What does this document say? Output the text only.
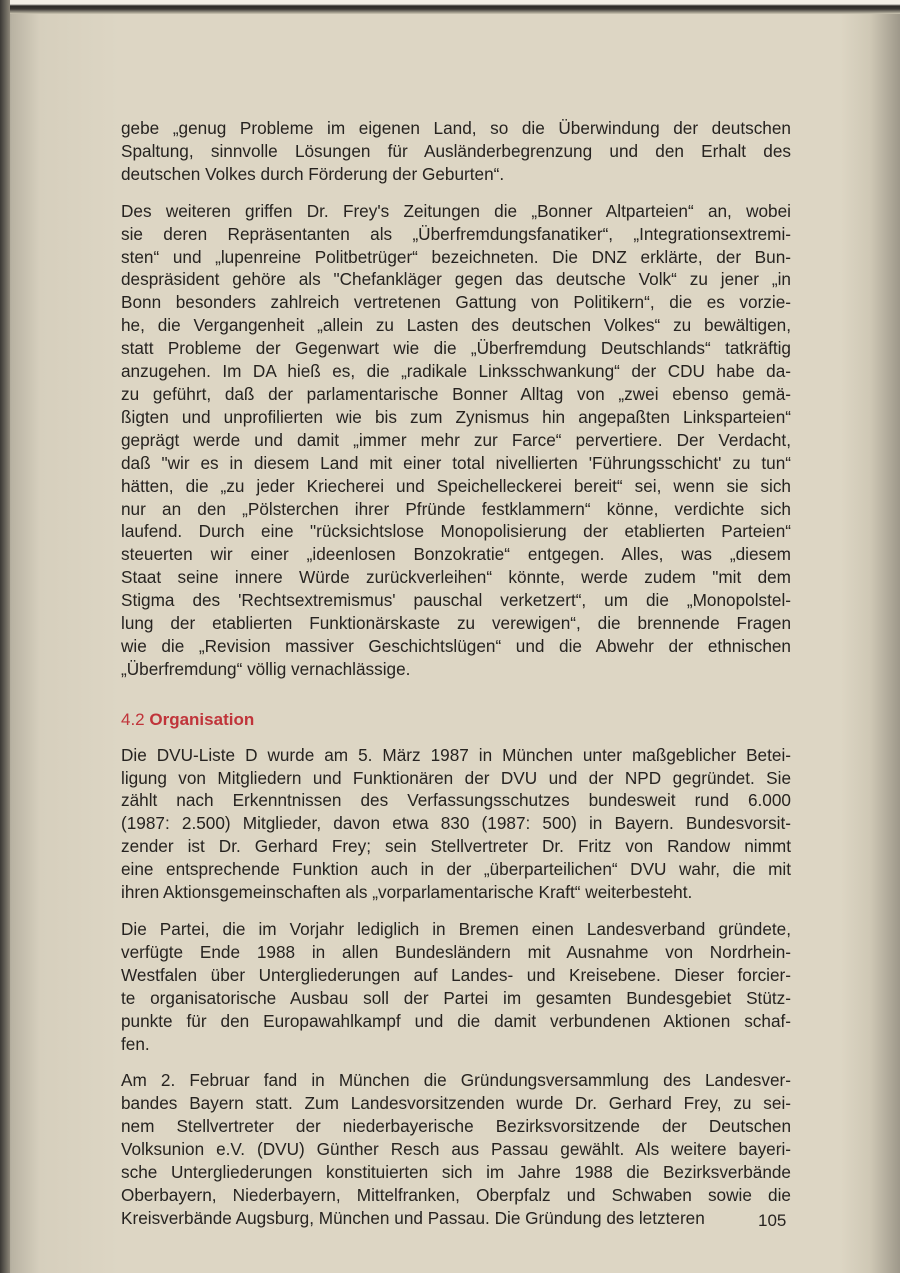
gebe „genug Probleme im eigenen Land, so die Überwindung der deutschen
Spaltung, sinnvolle Lösungen für Ausländerbegrenzung und den Erhalt des
deutschen Volkes durch Förderung der Geburten“.
Des weiteren griffen Dr. Frey's Zeitungen die „Bonner Altparteien“ an, wobei
sie deren Repräsentanten als „Überfremdungsfanatiker“, „Integrationsextremi-
sten“ und „lupenreine Politbetrüger“ bezeichneten. Die DNZ erklärte, der Bun-
despräsident gehöre als "Chefankläger gegen das deutsche Volk“ zu jener „in
Bonn besonders zahlreich vertretenen Gattung von Politikern“, die es vorzie-
he, die Vergangenheit „allein zu Lasten des deutschen Volkes“ zu bewältigen,
statt Probleme der Gegenwart wie die „Überfremdung Deutschlands“ tatkräftig
anzugehen. Im DA hieß es, die „radikale Linksschwankung“ der CDU habe da-
zu geführt, daß der parlamentarische Bonner Alltag von „zwei ebenso gemä-
ßigten und unprofilierten wie bis zum Zynismus hin angepaßten Linksparteien“
geprägt werde und damit „immer mehr zur Farce“ pervertiere. Der Verdacht,
daß "wir es in diesem Land mit einer total nivellierten 'Führungsschicht' zu tun“
hätten, die „zu jeder Kriecherei und Speichelleckerei bereit“ sei, wenn sie sich
nur an den „Pölsterchen ihrer Pfründe festklammern“ könne, verdichte sich
laufend. Durch eine "rücksichtslose Monopolisierung der etablierten Parteien“
steuerten wir einer „ideenlosen Bonzokratie“ entgegen. Alles, was „diesem
Staat seine innere Würde zurückverleihen“ könnte, werde zudem "mit dem
Stigma des 'Rechtsextremismus' pauschal verketzert“, um die „Monopolstel-
lung der etablierten Funktionärskaste zu verewigen“, die brennende Fragen
wie die „Revision massiver Geschichtslügen“ und die Abwehr der ethnischen
„Überfremdung“ völlig vernachlässige.
4.2 Organisation
Die DVU-Liste D wurde am 5. März 1987 in München unter maßgeblicher Betei-
ligung von Mitgliedern und Funktionären der DVU und der NPD gegründet. Sie
zählt nach Erkenntnissen des Verfassungsschutzes bundesweit rund 6.000
(1987: 2.500) Mitglieder, davon etwa 830 (1987: 500) in Bayern. Bundesvorsit-
zender ist Dr. Gerhard Frey; sein Stellvertreter Dr. Fritz von Randow nimmt
eine entsprechende Funktion auch in der „überparteilichen“ DVU wahr, die mit
ihren Aktionsgemeinschaften als „vorparlamentarische Kraft“ weiterbesteht.
Die Partei, die im Vorjahr lediglich in Bremen einen Landesverband gründete,
verfügte Ende 1988 in allen Bundesländern mit Ausnahme von Nordrhein-
Westfalen über Untergliederungen auf Landes- und Kreisebene. Dieser forcier-
te organisatorische Ausbau soll der Partei im gesamten Bundesgebiet Stütz-
punkte für den Europawahlkampf und die damit verbundenen Aktionen schaf-
fen.
Am 2. Februar fand in München die Gründungsversammlung des Landesver-
bandes Bayern statt. Zum Landesvorsitzenden wurde Dr. Gerhard Frey, zu sei-
nem Stellvertreter der niederbayerische Bezirksvorsitzende der Deutschen
Volksunion e.V. (DVU) Günther Resch aus Passau gewählt. Als weitere bayeri-
sche Untergliederungen konstituierten sich im Jahre 1988 die Bezirksverbände
Oberbayern, Niederbayern, Mittelfranken, Oberpfalz und Schwaben sowie die
Kreisverbände Augsburg, München und Passau. Die Gründung des letzteren	105
